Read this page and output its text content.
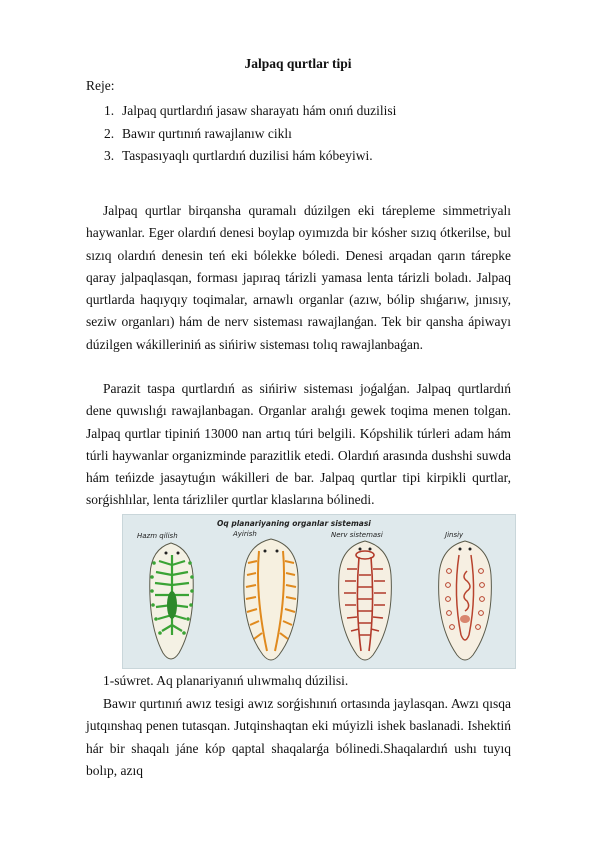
Jalpaq qurtlar tipi
Reje:
1. Jalpaq qurtlardıń jasaw sharayatı hám onıń duzilisi
2. Bawır qurtınıń rawajlanıw ciklı
3. Taspasıyaqlı qurtlardıń duzilisi hám kóbeyiwi.

Jalpaq qurtlar birqansha quramalı dúzilgen eki tárepleme simmetriyalı haywanlar. Eger olardıń denesi boylap oyımızda bir kósher sızıq ótkerilse, bul sızıq olardıń denesin teń eki bólekke bóledi. Denesi arqadan qarın tárepke qaray jalpaqlasqan, forması japıraq tárizli yamasa lenta tárizli boladı. Jalpaq qurtlarda haqıyqıy toqimalar, arnawlı organlar (azıw, bólip shıǵarıw, jınısıy, seziw organları) hám de nerv sisteması rawajlanǵan. Tek bir qansha ápiwayı dúzilgen wákilleriniń as sińiriw sisteması tolıq rawajlanbaǵan.

Parazit taspa qurtlardıń as sińiriw sisteması joǵalǵan. Jalpaq qurtlardıń dene quwıslıǵı rawajlanbagan. Organlar aralıǵı gewek toqima menen tolgan. Jalpaq qurtlar tipiniń 13000 nan artıq túri belgili. Kópshilik túrleri adam hám túrli haywanlar organizminde parazitlik etedi. Olardıń arasında dushshi suwda hám teńizde jasaytuǵın wákilleri de bar. Jalpaq qurtlar tipi kirpikli qurtlar, sorǵishlılar, lenta tárizliler qurtlar klaslarına bólinedi.

Oq planariyaning organlar sistemasi
Hazm qilish	Ayirish	Nerv sistemasi	Jinsiy
1-súwret. Aq planariyanıń ulıwmalıq dúzilisi.

Bawır qurtınıń awız tesigi awız sorǵishınıń ortasında jaylasqan. Awzı qısqa jutqınshaq penen tutasqan. Jutqinshaqtan eki múyizli ishek baslanadi. Ishektiń hár bir shaqalı jáne kóp qaptal shaqalarǵa bólinedi.Shaqalardıń ushı tuyıq bolıp, azıq
